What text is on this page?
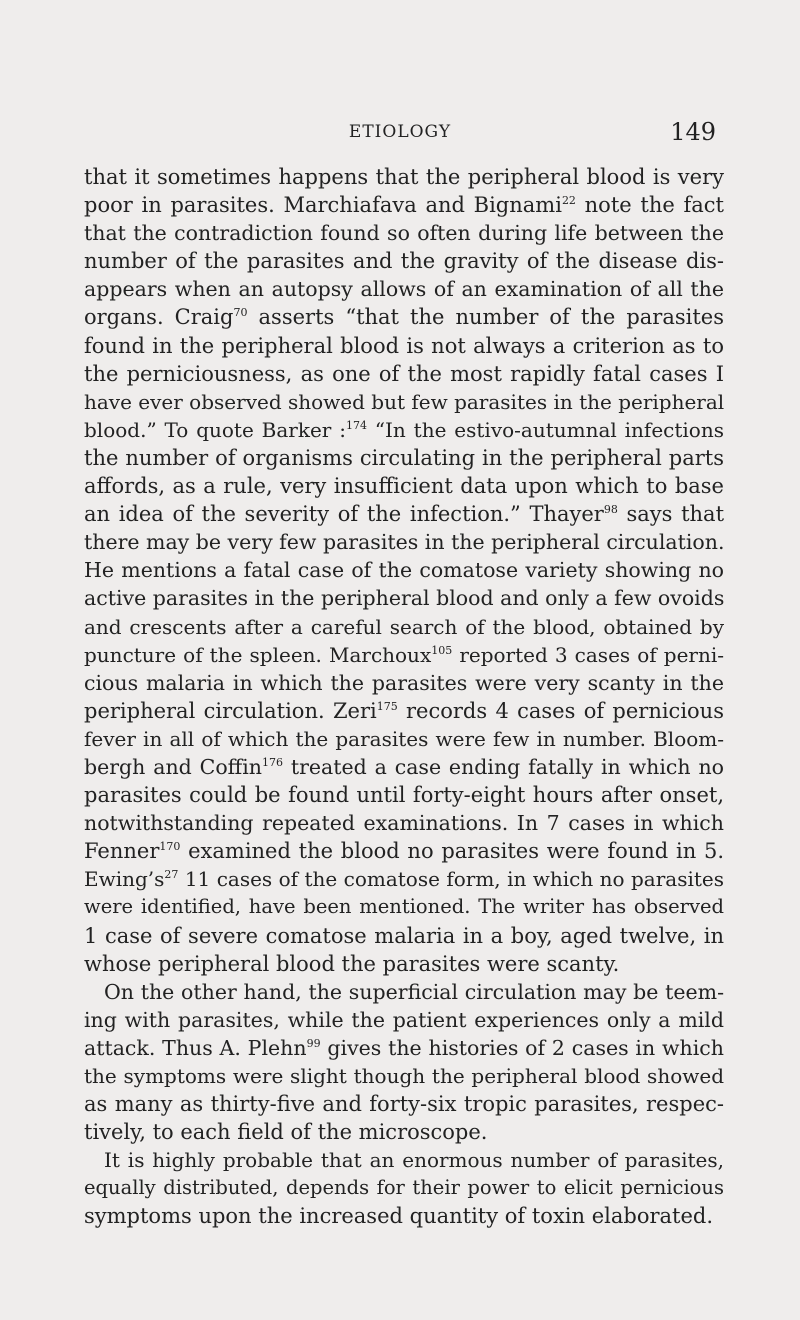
ETIOLOGY	149
that it sometimes happens that the peripheral blood is very
poor in parasites. Marchiafava and Bignami$^{22}$ note the fact
that the contradiction found so often during life between the
number of the parasites and the gravity of the disease dis-
appears when an autopsy allows of an examination of all the
organs. Craig$^{70}$ asserts “that the number of the parasites
found in the peripheral blood is not always a criterion as to
the perniciousness, as one of the most rapidly fatal cases I
have ever observed showed but few parasites in the peripheral
blood.” To quote Barker :$^{174}$ “In the estivo-autumnal infections
the number of organisms circulating in the peripheral parts
affords, as a rule, very insufficient data upon which to base
an idea of the severity of the infection.” Thayer$^{98}$ says that
there may be very few parasites in the peripheral circulation.
He mentions a fatal case of the comatose variety showing no
active parasites in the peripheral blood and only a few ovoids
and crescents after a careful search of the blood, obtained by
puncture of the spleen. Marchoux$^{105}$ reported 3 cases of perni-
cious malaria in which the parasites were very scanty in the
peripheral circulation. Zeri$^{175}$ records 4 cases of pernicious
fever in all of which the parasites were few in number. Bloom-
bergh and Coffin$^{176}$ treated a case ending fatally in which no
parasites could be found until forty-eight hours after onset,
notwithstanding repeated examinations. In 7 cases in which
Fenner$^{170}$ examined the blood no parasites were found in 5.
$Ewing’s^{27}$ 11 cases of the comatose form, in which no parasites
were identified, have been mentioned. The writer has observed
1 case of severe comatose malaria in a boy, aged twelve, in
whose peripheral blood the parasites were scanty.
On the other hand, the superficial circulation may be teem-
ing with parasites, while the patient experiences only a mild
attack. Thus A. Plehn$^{99}$ gives the histories of 2 cases in which
the symptoms were slight though the peripheral blood showed
as many as thirty-five and forty-six tropic parasites, respec-
tively, to each field of the microscope.
It is highly probable that an enormous number of parasites,
equally distributed, depends for their power to elicit pernicious
symptoms upon the increased quantity of toxin elaborated.
